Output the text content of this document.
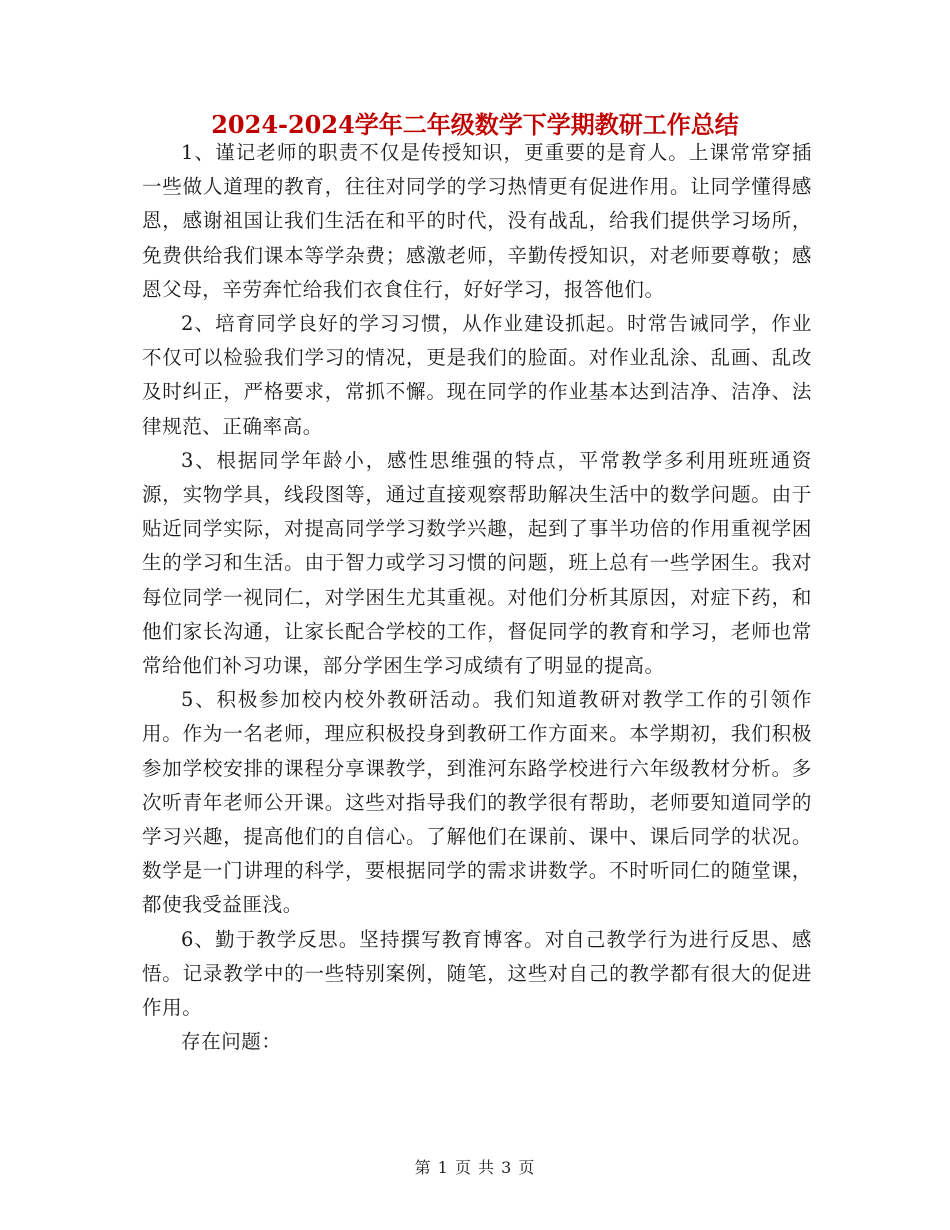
2024-2024学年二年级数学下学期教研工作总结

1、谨记老师的职责不仅是传授知识，更重要的是育人。上课常常穿插一些做人道理的教育，往往对同学的学习热情更有促进作用。让同学懂得感恩，感谢祖国让我们生活在和平的时代，没有战乱，给我们提供学习场所，免费供给我们课本等学杂费；感激老师，辛勤传授知识，对老师要尊敬；感恩父母，辛劳奔忙给我们衣食住行，好好学习，报答他们。

2、培育同学良好的学习习惯，从作业建设抓起。时常告诫同学，作业不仅可以检验我们学习的情况，更是我们的脸面。对作业乱涂、乱画、乱改及时纠正，严格要求，常抓不懈。现在同学的作业基本达到洁净、洁净、法律规范、正确率高。

3、根据同学年龄小，感性思维强的特点，平常教学多利用班班通资源，实物学具，线段图等，通过直接观察帮助解决生活中的数学问题。由于贴近同学实际，对提高同学学习数学兴趣，起到了事半功倍的作用重视学困生的学习和生活。由于智力或学习习惯的问题，班上总有一些学困生。我对每位同学一视同仁，对学困生尤其重视。对他们分析其原因，对症下药，和他们家长沟通，让家长配合学校的工作，督促同学的教育和学习，老师也常常给他们补习功课，部分学困生学习成绩有了明显的提高。

5、积极参加校内校外教研活动。我们知道教研对教学工作的引领作用。作为一名老师，理应积极投身到教研工作方面来。本学期初，我们积极参加学校安排的课程分享课教学，到淮河东路学校进行六年级教材分析。多次听青年老师公开课。这些对指导我们的教学很有帮助，老师要知道同学的学习兴趣，提高他们的自信心。了解他们在课前、课中、课后同学的状况。数学是一门讲理的科学，要根据同学的需求讲数学。不时听同仁的随堂课，都使我受益匪浅。

6、勤于教学反思。坚持撰写教育博客。对自己教学行为进行反思、感悟。记录教学中的一些特别案例，随笔，这些对自己的教学都有很大的促进作用。

存在问题：

第 1 页 共 3 页
